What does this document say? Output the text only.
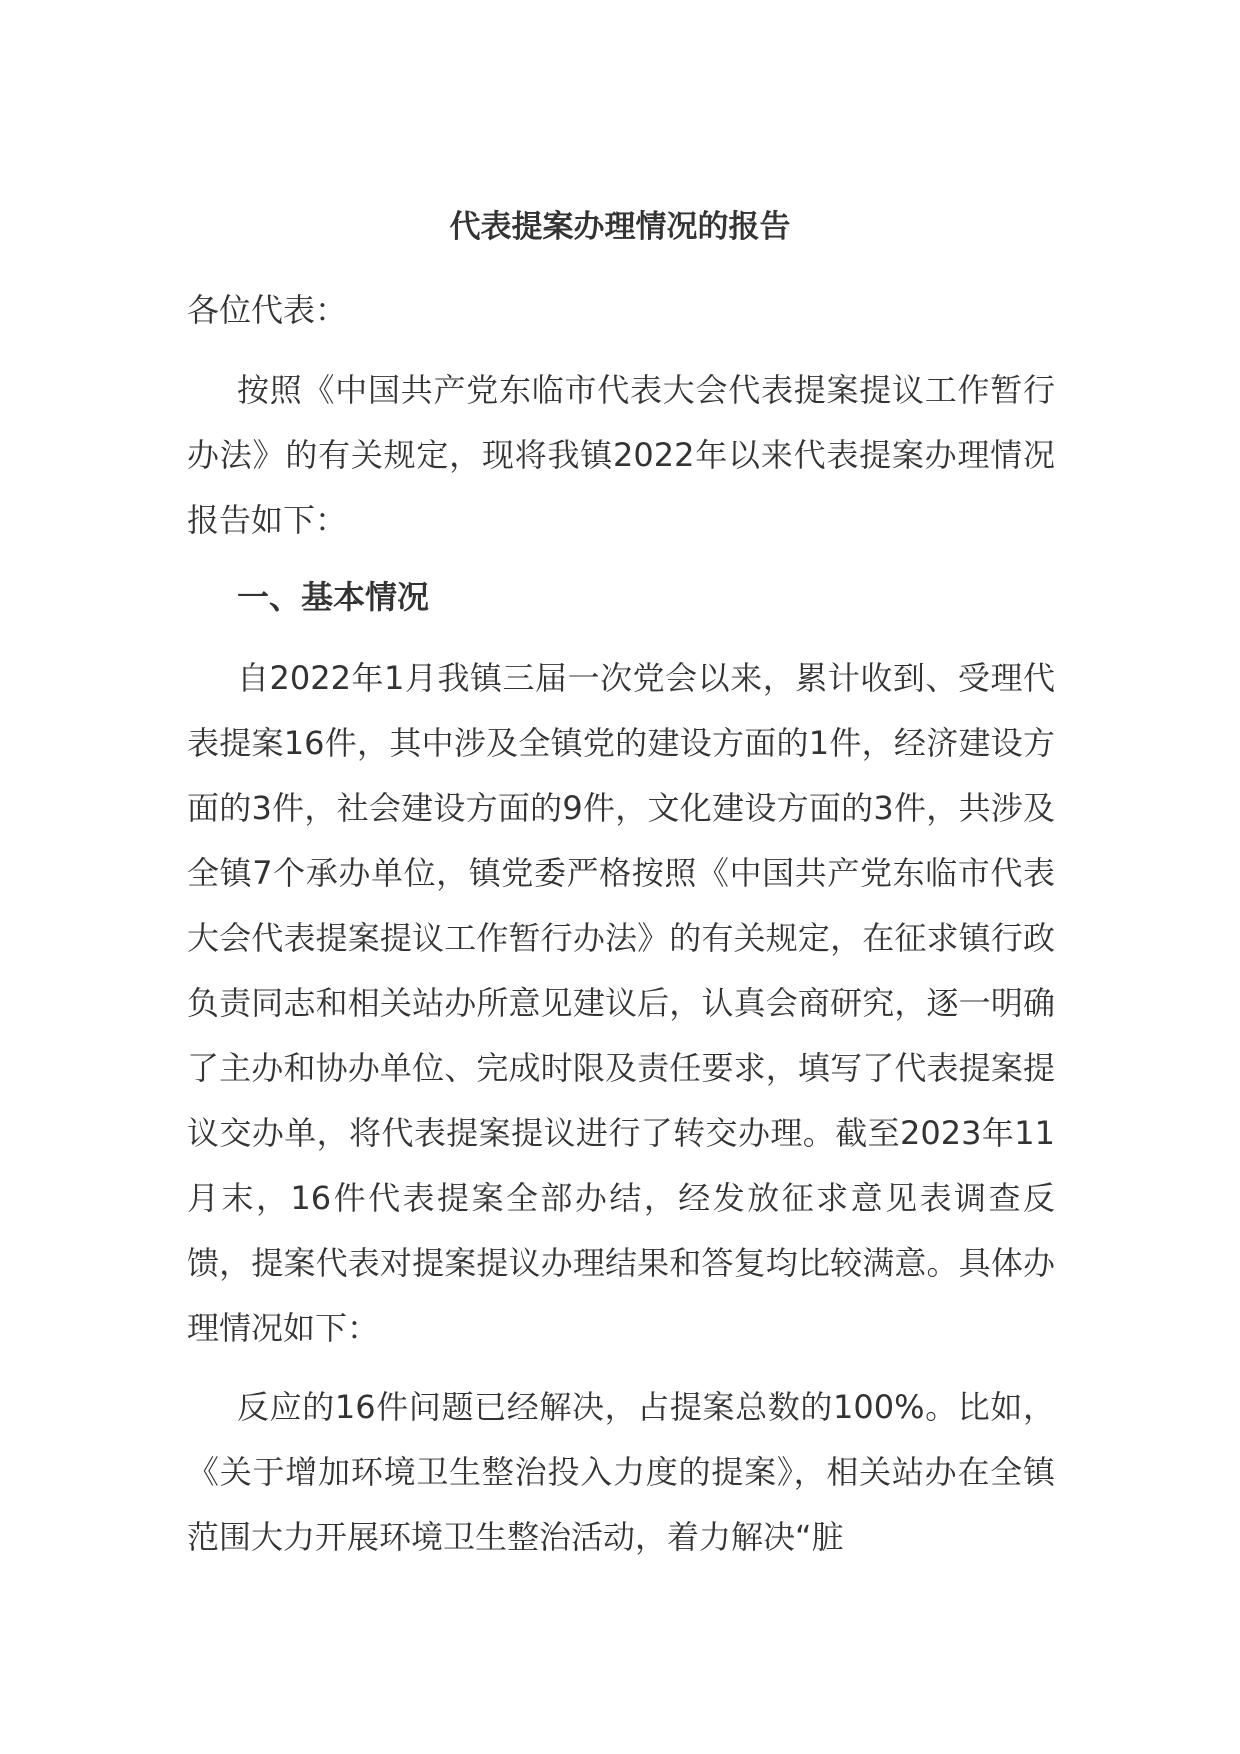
代表提案办理情况的报告
各位代表：

按照《中国共产党东临市代表大会代表提案提议工作暂行办法》的有关规定，现将我镇2022年以来代表提案办理情况报告如下：

一、基本情况

自2022年1月我镇三届一次党会以来，累计收到、受理代表提案16件，其中涉及全镇党的建设方面的1件，经济建设方面的3件，社会建设方面的9件，文化建设方面的3件，共涉及全镇7个承办单位，镇党委严格按照《中国共产党东临市代表大会代表提案提议工作暂行办法》的有关规定，在征求镇行政负责同志和相关站办所意见建议后，认真会商研究，逐一明确了主办和协办单位、完成时限及责任要求，填写了代表提案提议交办单，将代表提案提议进行了转交办理。截至2023年11月末，16件代表提案全部办结，经发放征求意见表调查反馈，提案代表对提案提议办理结果和答复均比较满意。具体办理情况如下：

反应的16件问题已经解决，占提案总数的100%。比如，《关于增加环境卫生整治投入力度的提案》，相关站办在全镇范围大力开展环境卫生整治活动，着力解决“脏
